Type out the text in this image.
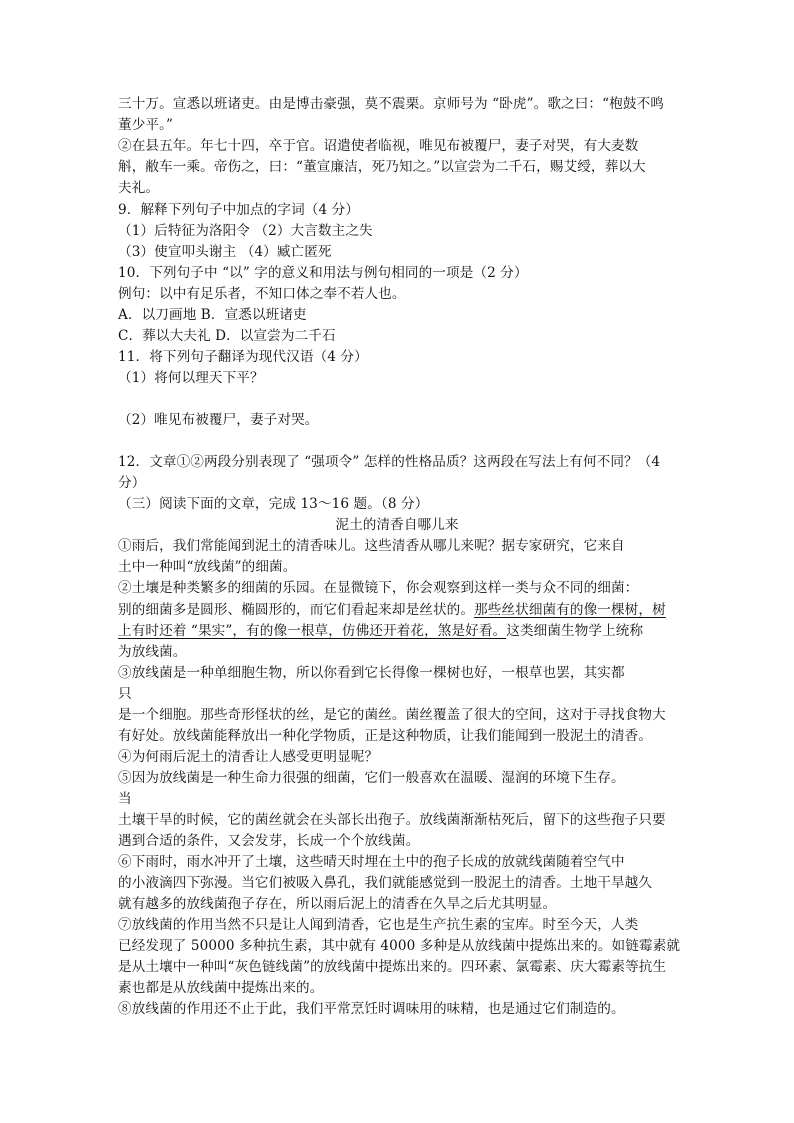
三十万。宣悉以班诸吏。由是博击豪强，莫不震栗。京师号为 “卧虎”。歌之曰：“枹鼓不鸣
董少平。”
②在县五年。年七十四，卒于官。诏遣使者临视，唯见布被覆尸，妻子对哭，有大麦数
斛，敝车一乘。帝伤之，曰：“董宣廉洁，死乃知之。”以宣尝为二千石，赐艾绶，葬以大
夫礼。
9．解释下列句子中加点的字词（4 分）
（1）后特征为洛阳令 （2）大言数主之失
（3）使宣叩头谢主 （4）臧亡匿死
10．下列句子中 “以” 字的意义和用法与例句相同的一项是（2 分）
例句：以中有足乐者，不知口体之奉不若人也。
A．以刀画地 B．宣悉以班诸吏
C．葬以大夫礼 D．以宣尝为二千石
11．将下列句子翻译为现代汉语（4 分）
（1）将何以理天下平？
（2）唯见布被覆尸，妻子对哭。
12．文章①②两段分别表现了 “强项令” 怎样的性格品质？这两段在写法上有何不同？（4
分）
（三）阅读下面的文章，完成 13～16 题。（8 分）
泥土的清香自哪儿来
①雨后，我们常能闻到泥土的清香味儿。这些清香从哪儿来呢？据专家研究，它来自
土中一种叫“放线菌”的细菌。
②土壤是种类繁多的细菌的乐园。在显微镜下，你会观察到这样一类与众不同的细菌：
别的细菌多是圆形、椭圆形的，而它们看起来却是丝状的。那些丝状细菌有的像一棵树，树
上有时还着 “果实”，有的像一根草，仿佛还开着花，煞是好看。这类细菌生物学上统称
为放线菌。
③放线菌是一种单细胞生物，所以你看到它长得像一棵树也好，一根草也罢，其实都
只
是一个细胞。那些奇形怪状的丝，是它的菌丝。菌丝覆盖了很大的空间，这对于寻找食物大
有好处。放线菌能释放出一种化学物质，正是这种物质，让我们能闻到一股泥土的清香。
④为何雨后泥土的清香让人感受更明显呢？
⑤因为放线菌是一种生命力很强的细菌，它们一般喜欢在温暖、湿润的环境下生存。
当
土壤干旱的时候，它的菌丝就会在头部长出孢子。放线菌渐渐枯死后，留下的这些孢子只要
遇到合适的条件，又会发芽，长成一个个放线菌。
⑥下雨时，雨水冲开了土壤，这些晴天时埋在土中的孢子长成的放就线菌随着空气中
的小液滴四下弥漫。当它们被吸入鼻孔，我们就能感觉到一股泥土的清香。土地干旱越久
就有越多的放线菌孢子存在，所以雨后泥上的清香在久旱之后尤其明显。
⑦放线菌的作用当然不只是让人闻到清香，它也是生产抗生素的宝库。时至今天，人类
已经发现了 50000 多种抗生素，其中就有 4000 多种是从放线菌中提炼出来的。如链霉素就
是从土壤中一种叫“灰色链线菌”的放线菌中提炼出来的。四环素、氯霉素、庆大霉素等抗生
素也都是从放线菌中提炼出来的。
⑧放线菌的作用还不止于此，我们平常烹饪时调味用的味精，也是通过它们制造的。
